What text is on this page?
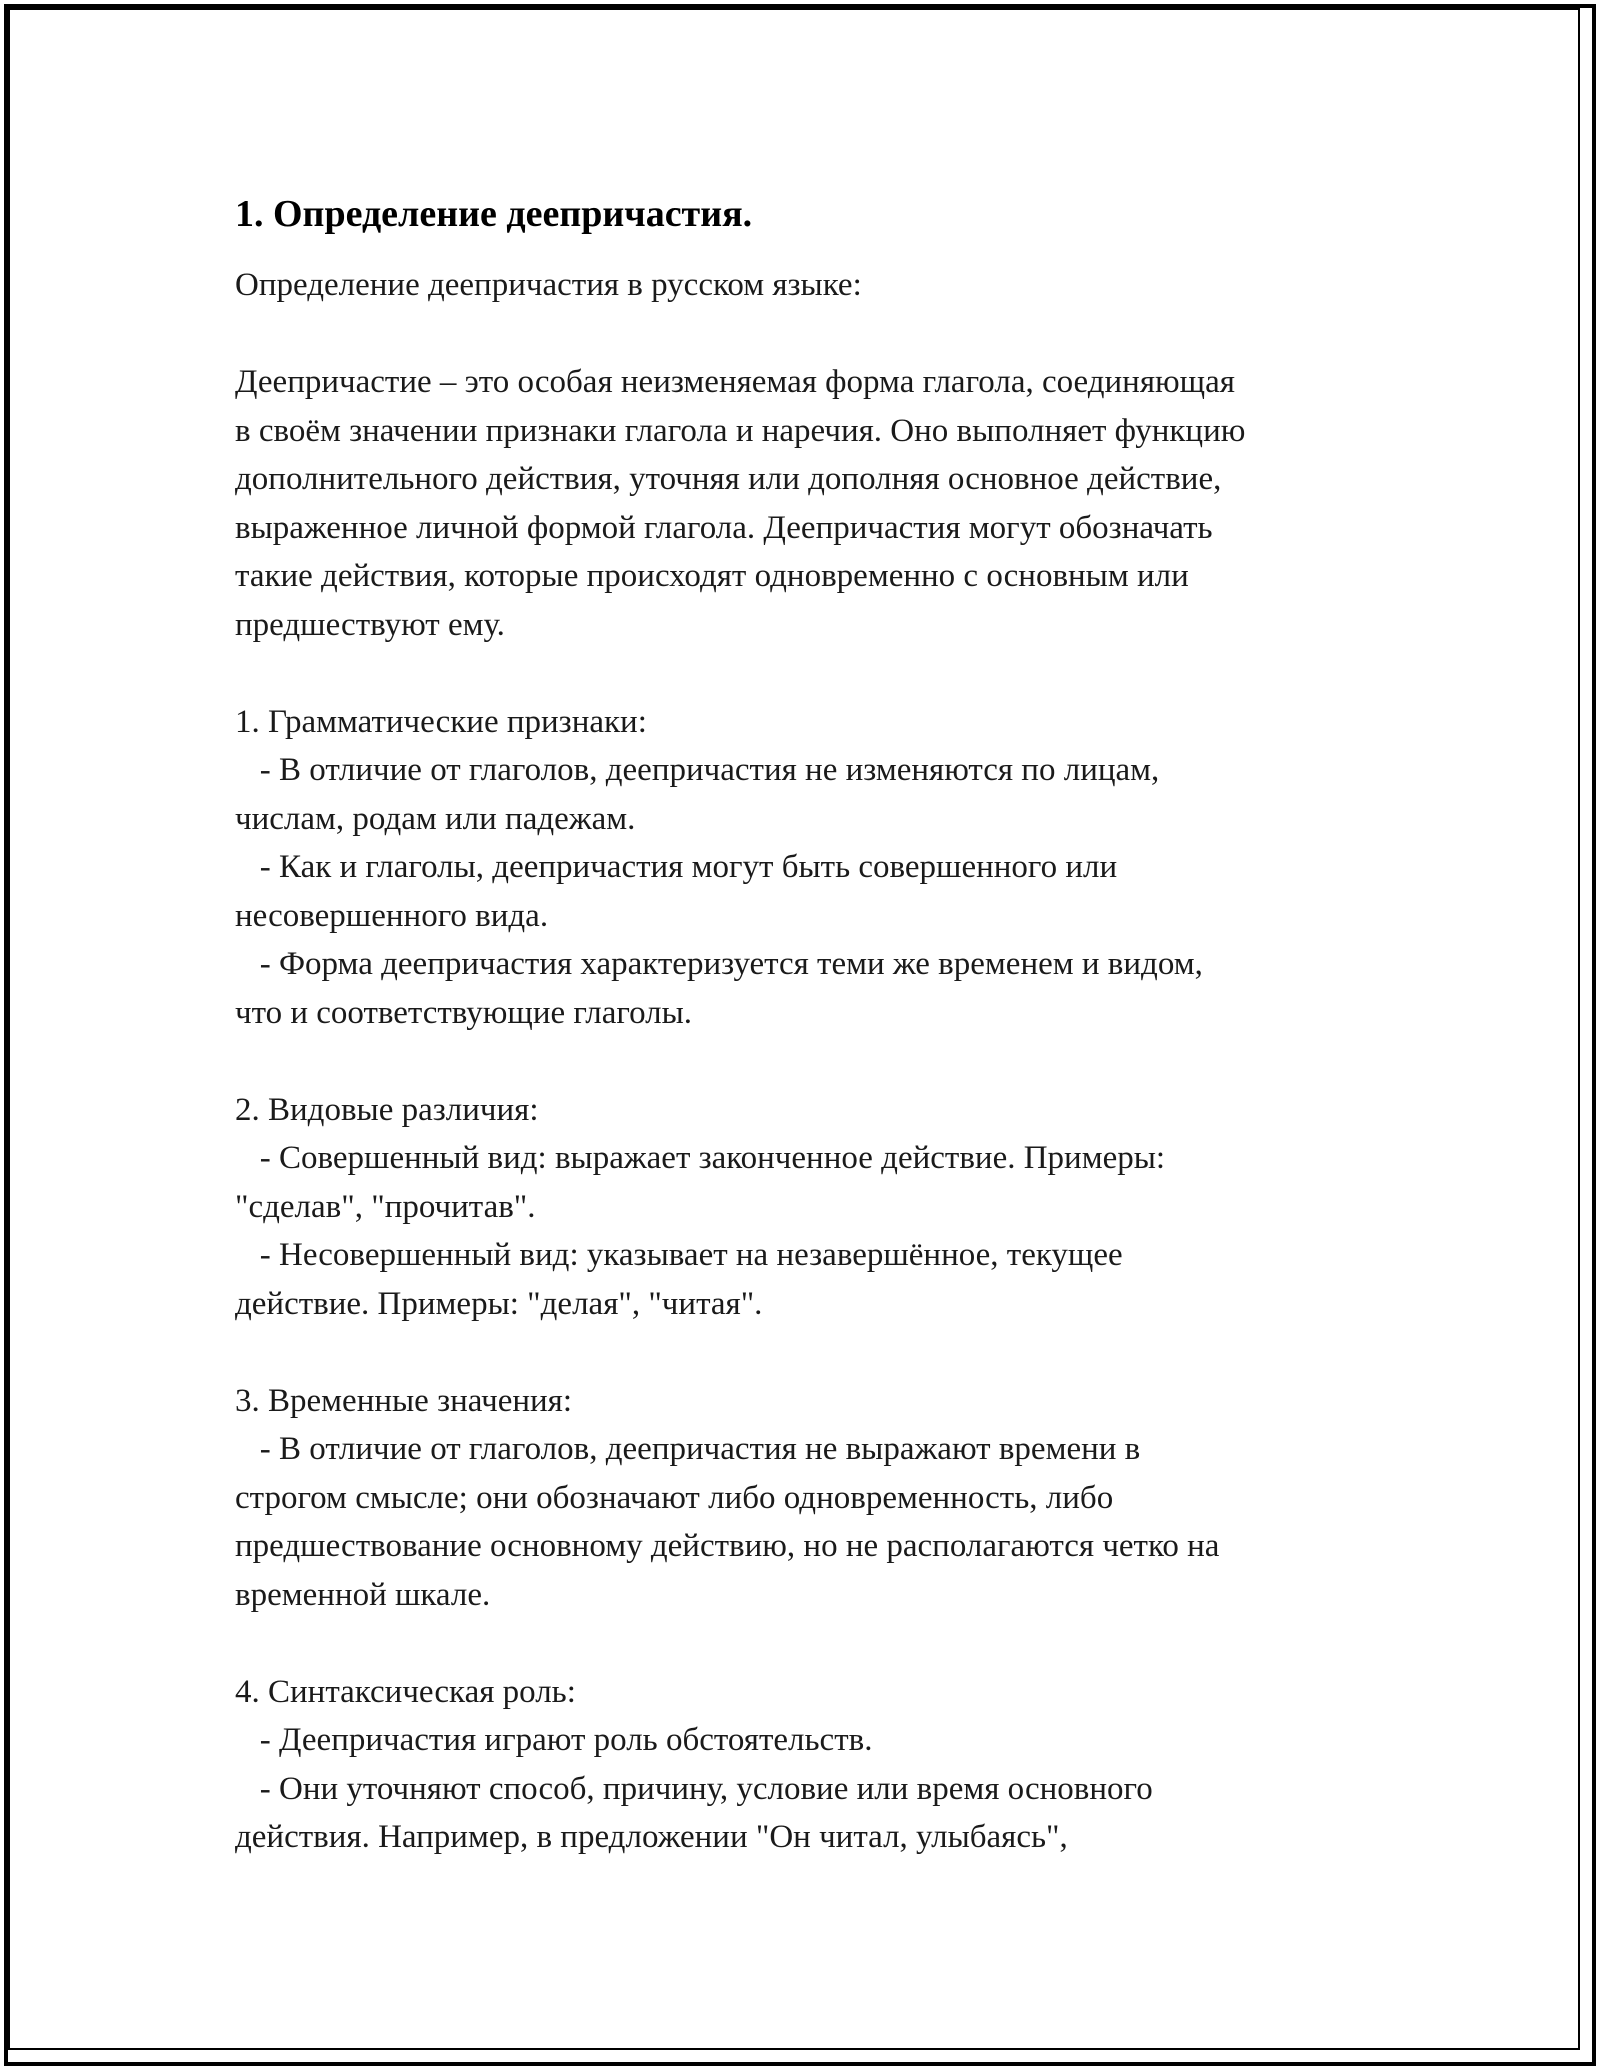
1. Определение деепричастия.

Определение деепричастия в русском языке:

Деепричастие – это особая неизменяемая форма глагола, соединяющая
в своём значении признаки глагола и наречия. Оно выполняет функцию
дополнительного действия, уточняя или дополняя основное действие,
выраженное личной формой глагола. Деепричастия могут обозначать
такие действия, которые происходят одновременно с основным или
предшествуют ему.
1. Грамматические признаки:
- В отличие от глаголов, деепричастия не изменяются по лицам,
числам, родам или падежам.
- Как и глаголы, деепричастия могут быть совершенного или
несовершенного вида.
- Форма деепричастия характеризуется теми же временем и видом,
что и соответствующие глаголы.
2. Видовые различия:
- Совершенный вид: выражает законченное действие. Примеры:
"сделав", "прочитав".
- Несовершенный вид: указывает на незавершённое, текущее
действие. Примеры: "делая", "читая".
3. Временные значения:
- В отличие от глаголов, деепричастия не выражают времени в
строгом смысле; они обозначают либо одновременность, либо
предшествование основному действию, но не располагаются четко на
временной шкале.
4. Синтаксическая роль:
- Деепричастия играют роль обстоятельств.
- Они уточняют способ, причину, условие или время основного
действия. Например, в предложении "Он читал, улыбаясь",
